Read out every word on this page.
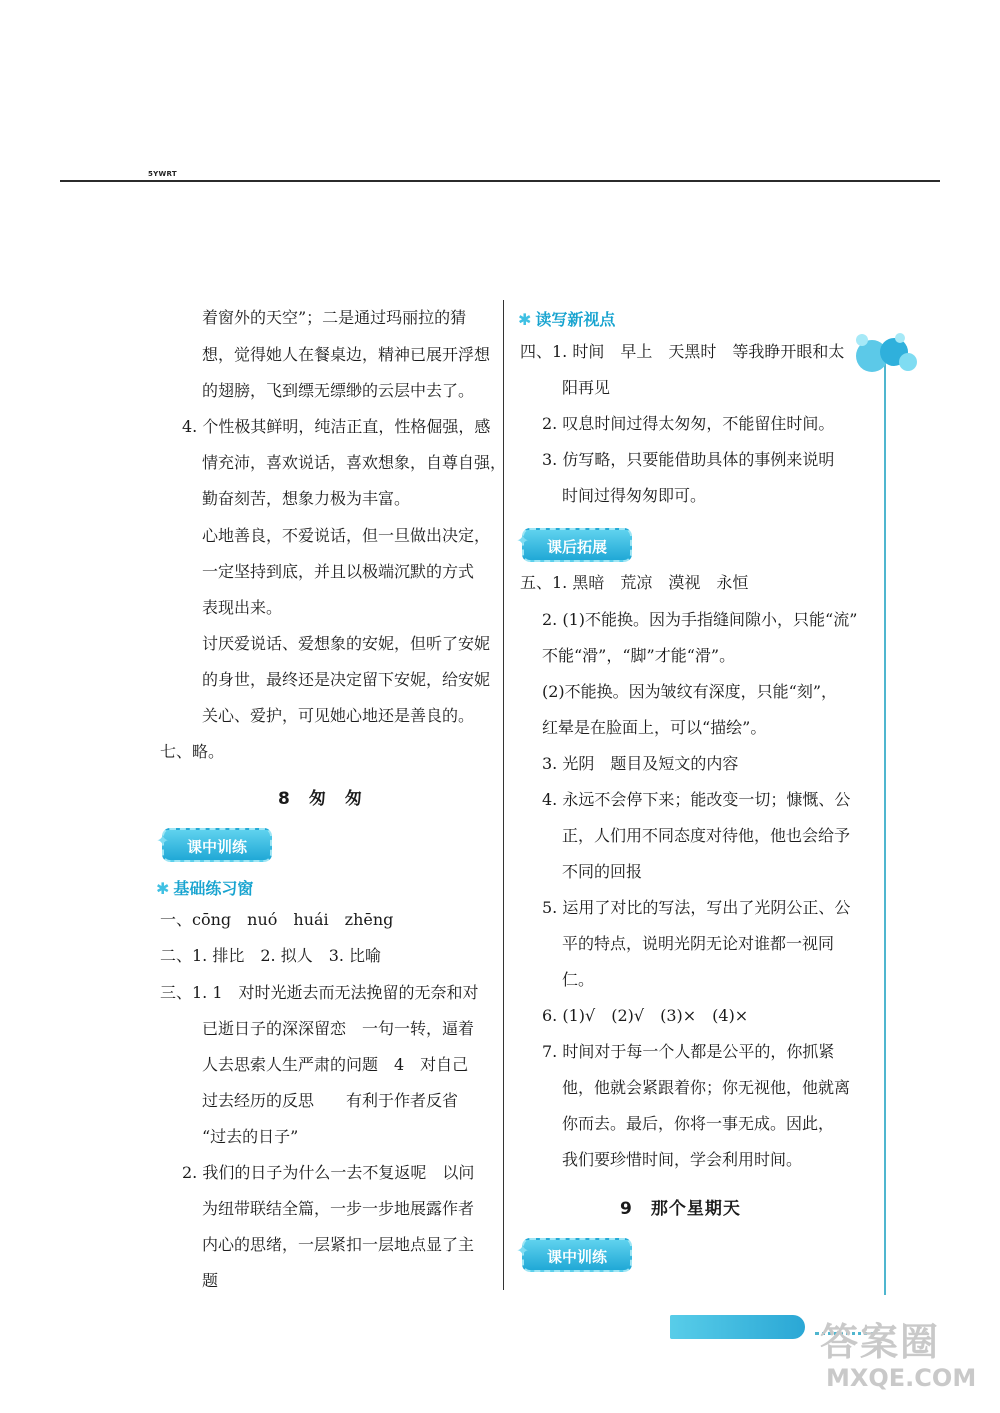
5YWRT
着窗外的天空”；二是通过玛丽拉的猜
想，觉得她人在餐桌边，精神已展开浮想
的翅膀，飞到缥无缥缈的云层中去了。
4. 个性极其鲜明，纯洁正直，性格倔强，感
情充沛，喜欢说话，喜欢想象，自尊自强，
勤奋刻苦，想象力极为丰富。
心地善良，不爱说话，但一旦做出决定，
一定坚持到底，并且以极端沉默的方式
表现出来。
讨厌爱说话、爱想象的安妮，但听了安妮
的身世，最终还是决定留下安妮，给安妮
关心、爱护，可见她心地还是善良的。
七、略。
8　匆　匆
✦ 课中训练
✱ 基础练习窗
一、cōng　nuó　huái　zhēng
二、1. 排比　2. 拟人　3. 比喻
三、1. 1　对时光逝去而无法挽留的无奈和对
已逝日子的深深留恋　一句一转，逼着
人去思索人生严肃的问题　4　对自己
过去经历的反思　　有利于作者反省
“过去的日子”
2. 我们的日子为什么一去不复返呢　以问
为纽带联结全篇，一步一步地展露作者
内心的思绪，一层紧扣一层地点显了主
题
✱ 读写新视点
四、1. 时间　早上　天黑时　等我睁开眼和太
阳再见
2. 叹息时间过得太匆匆，不能留住时间。
3. 仿写略，只要能借助具体的事例来说明
时间过得匆匆即可。
✦ 课后拓展
五、1. 黑暗　荒凉　漠视　永恒
2. (1)不能换。因为手指缝间隙小，只能“流”
不能“滑”，“脚”才能“滑”。
(2)不能换。因为皱纹有深度，只能“刻”，
红晕是在脸面上，可以“描绘”。
3. 光阴　题目及短文的内容
4. 永远不会停下来；能改变一切；慷慨、公
正，人们用不同态度对待他，他也会给予
不同的回报
5. 运用了对比的写法，写出了光阴公正、公
平的特点，说明光阴无论对谁都一视同
仁。
6. (1)√　(2)√　(3)×　(4)×
7. 时间对于每一个人都是公平的，你抓紧
他，他就会紧跟着你；你无视他，他就离
你而去。最后，你将一事无成。因此，
我们要珍惜时间，学会利用时间。
9　那个星期天
✦ 课中训练
答案圈
MXQE.COM
